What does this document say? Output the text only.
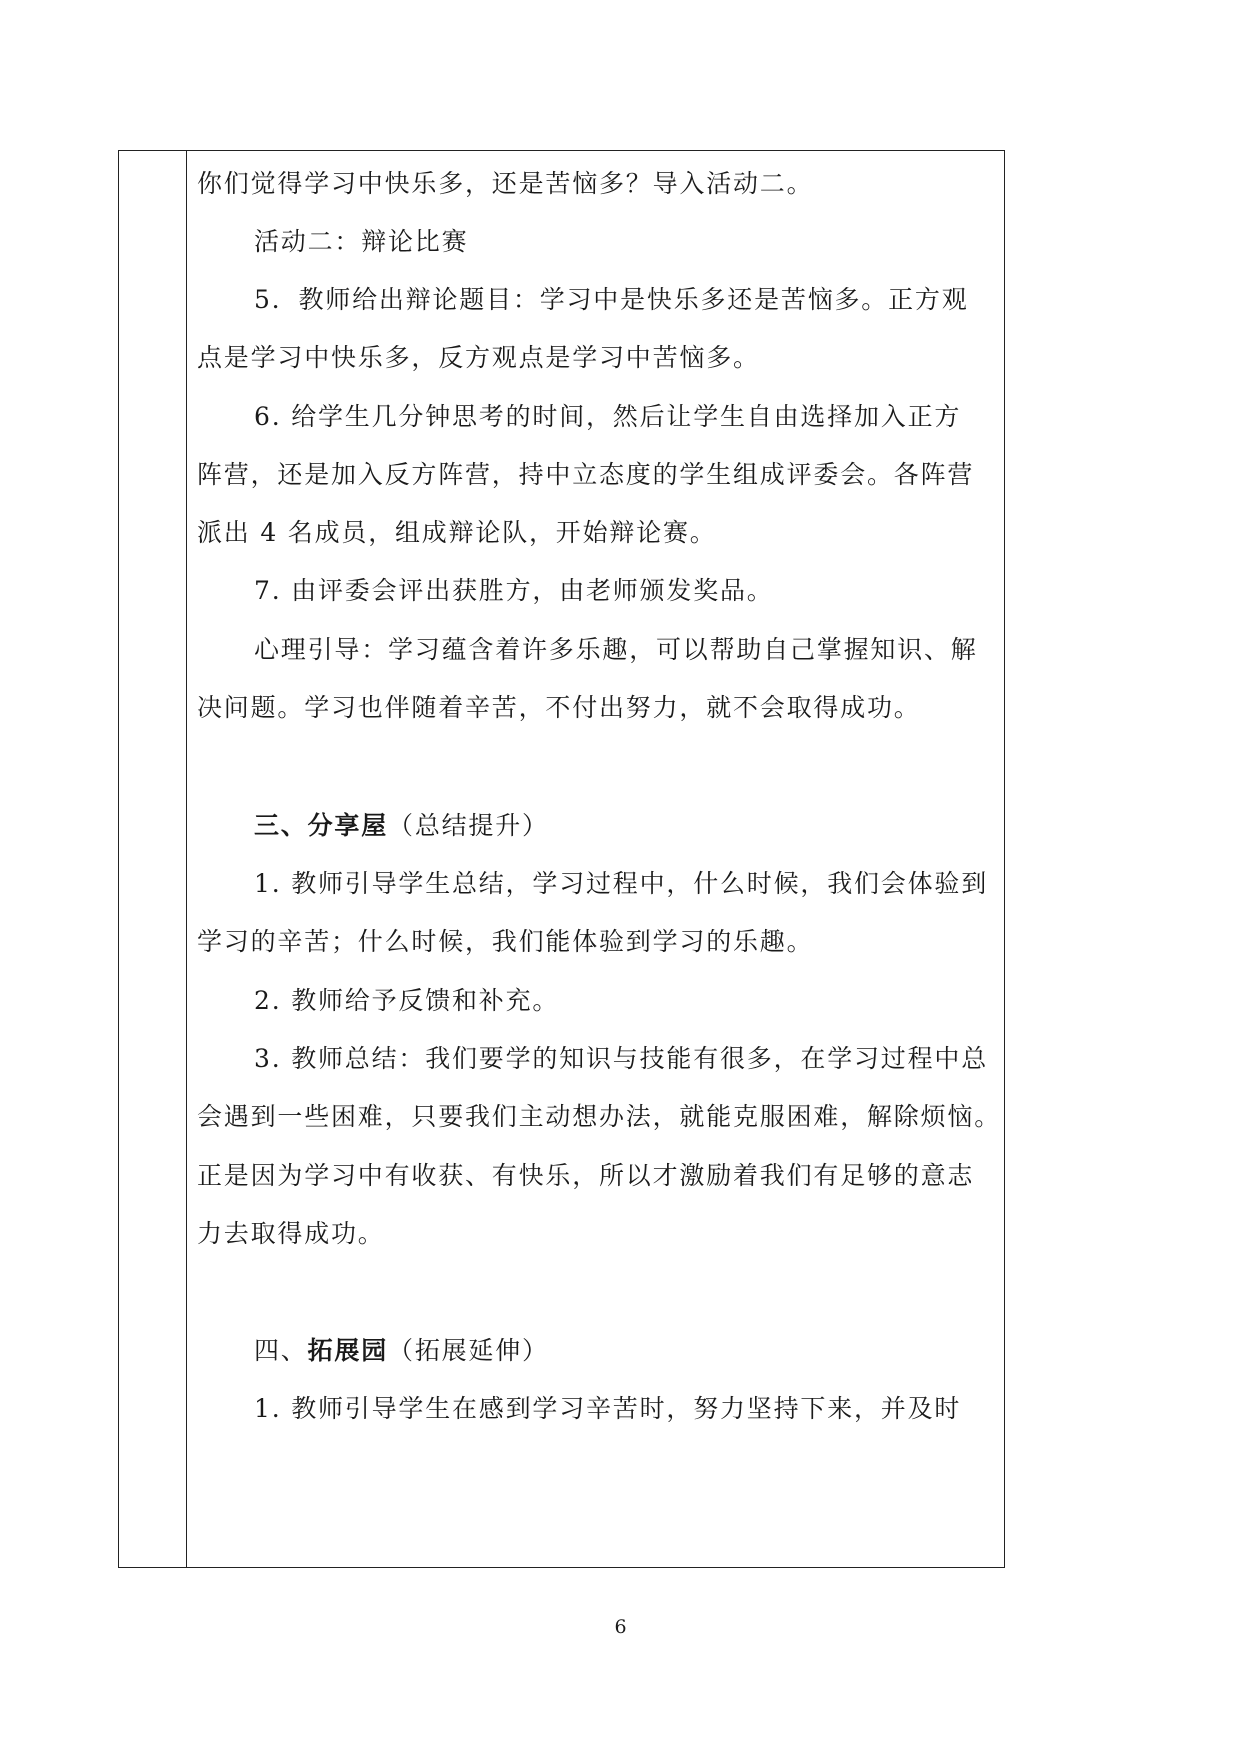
你们觉得学习中快乐多，还是苦恼多？导入活动二。
活动二：辩论比赛
5．教师给出辩论题目：学习中是快乐多还是苦恼多。正方观
点是学习中快乐多，反方观点是学习中苦恼多。
6. 给学生几分钟思考的时间，然后让学生自由选择加入正方
阵营，还是加入反方阵营，持中立态度的学生组成评委会。各阵营
派出 4 名成员，组成辩论队，开始辩论赛。
7. 由评委会评出获胜方，由老师颁发奖品。
心理引导：学习蕴含着许多乐趣，可以帮助自己掌握知识、解
决问题。学习也伴随着辛苦，不付出努力，就不会取得成功。
三、分享屋（总结提升）
1. 教师引导学生总结，学习过程中，什么时候，我们会体验到
学习的辛苦；什么时候，我们能体验到学习的乐趣。
2. 教师给予反馈和补充。
3. 教师总结：我们要学的知识与技能有很多，在学习过程中总
会遇到一些困难，只要我们主动想办法，就能克服困难，解除烦恼。
正是因为学习中有收获、有快乐，所以才激励着我们有足够的意志
力去取得成功。
四、拓展园（拓展延伸）
1. 教师引导学生在感到学习辛苦时，努力坚持下来，并及时
6
